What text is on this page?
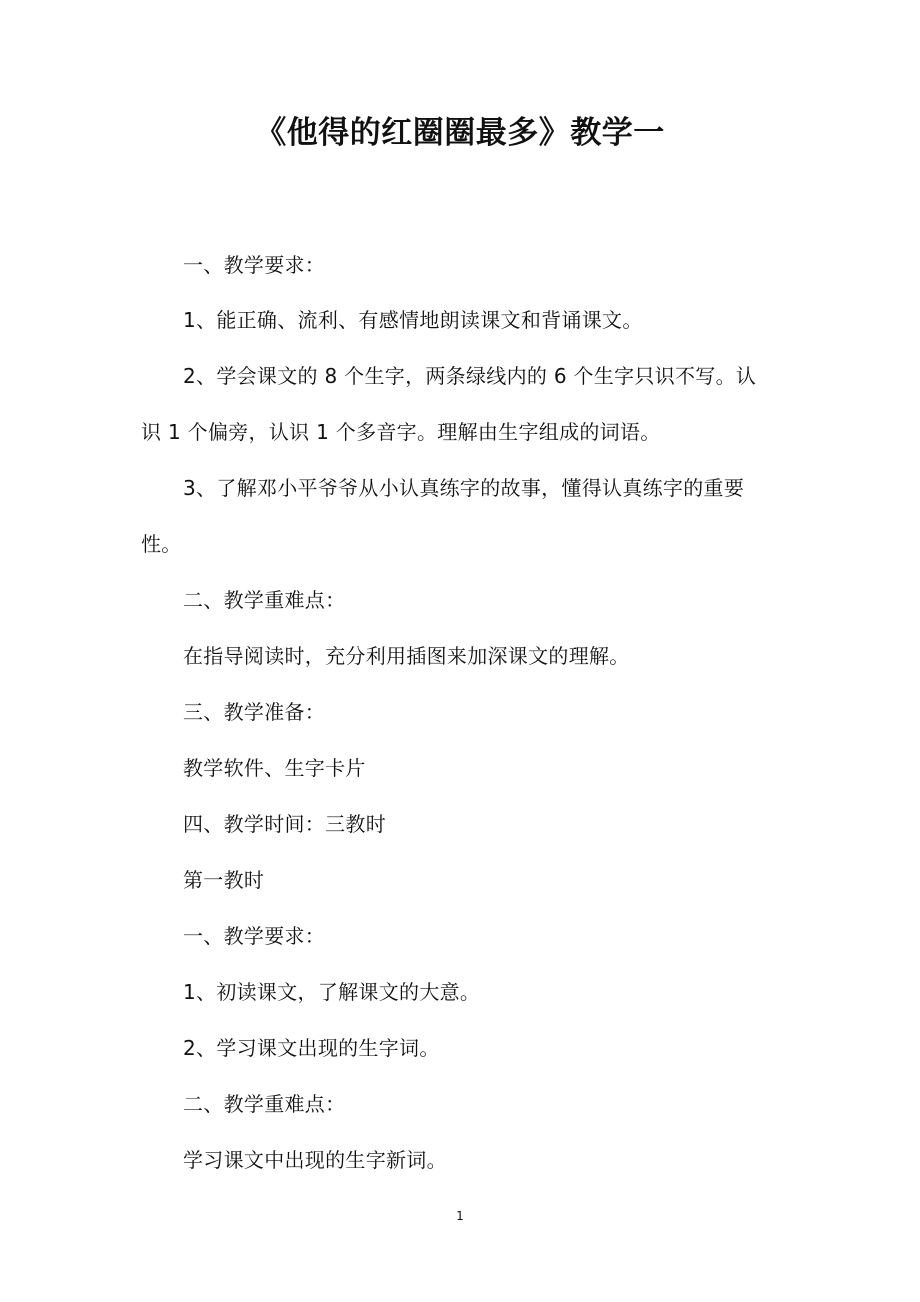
《他得的红圈圈最多》教学一
一、教学要求：
1、能正确、流利、有感情地朗读课文和背诵课文。
2、学会课文的 8 个生字，两条绿线内的 6 个生字只识不写。认
识 1 个偏旁，认识 1 个多音字。理解由生字组成的词语。
3、了解邓小平爷爷从小认真练字的故事，懂得认真练字的重要
性。
二、教学重难点：
在指导阅读时，充分利用插图来加深课文的理解。
三、教学准备：
教学软件、生字卡片
四、教学时间：三教时
第一教时
一、教学要求：
1、初读课文，了解课文的大意。
2、学习课文出现的生字词。
二、教学重难点：
学习课文中出现的生字新词。
1
